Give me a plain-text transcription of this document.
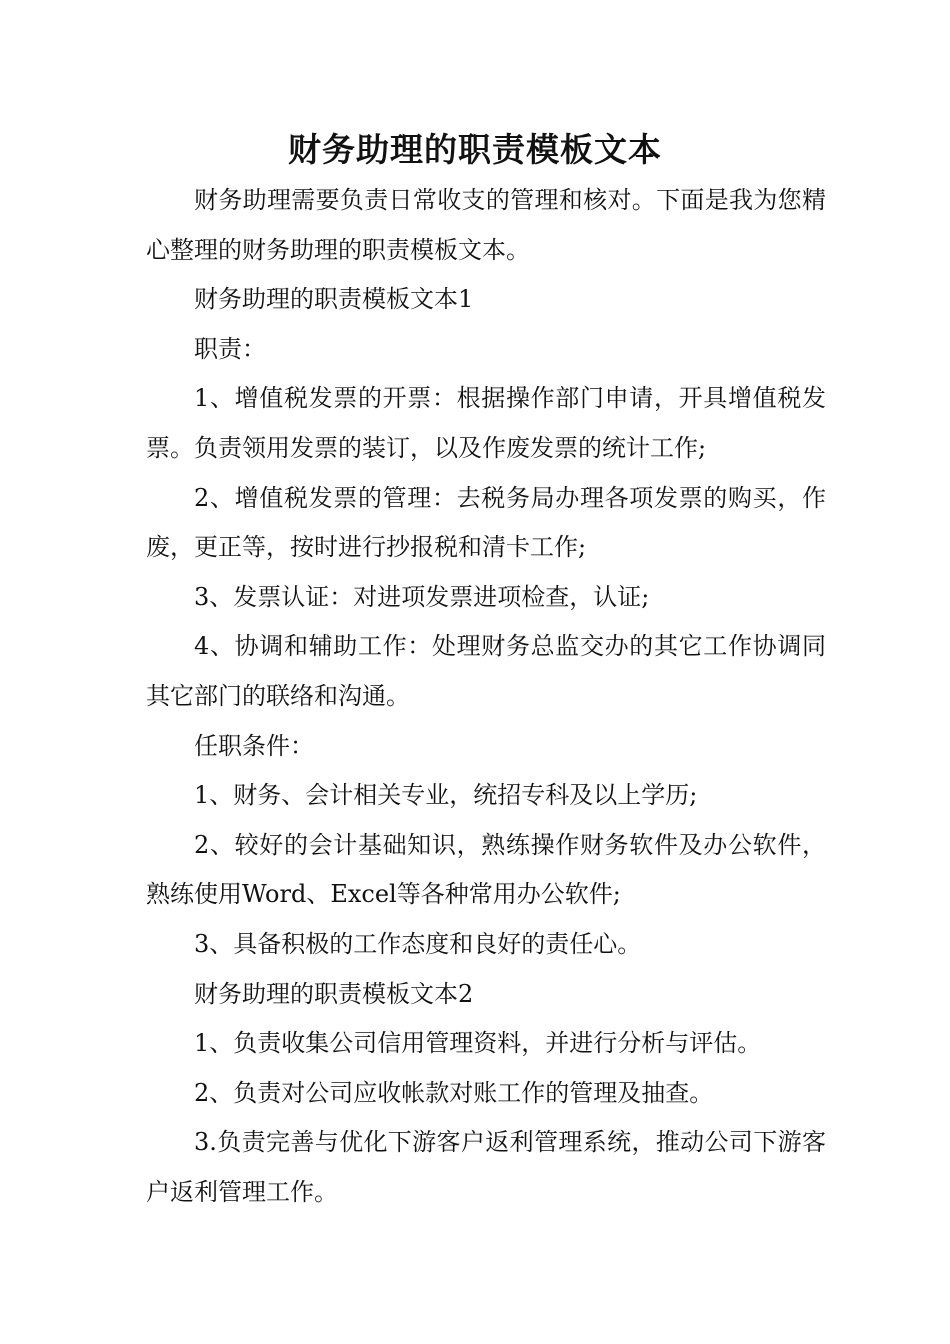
财务助理的职责模板文本

财务助理需要负责日常收支的管理和核对。下面是我为您精心整理的财务助理的职责模板文本。

财务助理的职责模板文本1

职责：

1、增值税发票的开票：根据操作部门申请，开具增值税发票。负责领用发票的装订，以及作废发票的统计工作;

2、增值税发票的管理：去税务局办理各项发票的购买，作废，更正等，按时进行抄报税和清卡工作;

3、发票认证：对进项发票进项检查，认证;

4、协调和辅助工作：处理财务总监交办的其它工作协调同其它部门的联络和沟通。

任职条件：

1、财务、会计相关专业，统招专科及以上学历;

2、较好的会计基础知识，熟练操作财务软件及办公软件，熟练使用Word、Excel等各种常用办公软件;

3、具备积极的工作态度和良好的责任心。

财务助理的职责模板文本2

1、负责收集公司信用管理资料，并进行分析与评估。

2、负责对公司应收帐款对账工作的管理及抽查。

3.负责完善与优化下游客户返利管理系统，推动公司下游客户返利管理工作。
